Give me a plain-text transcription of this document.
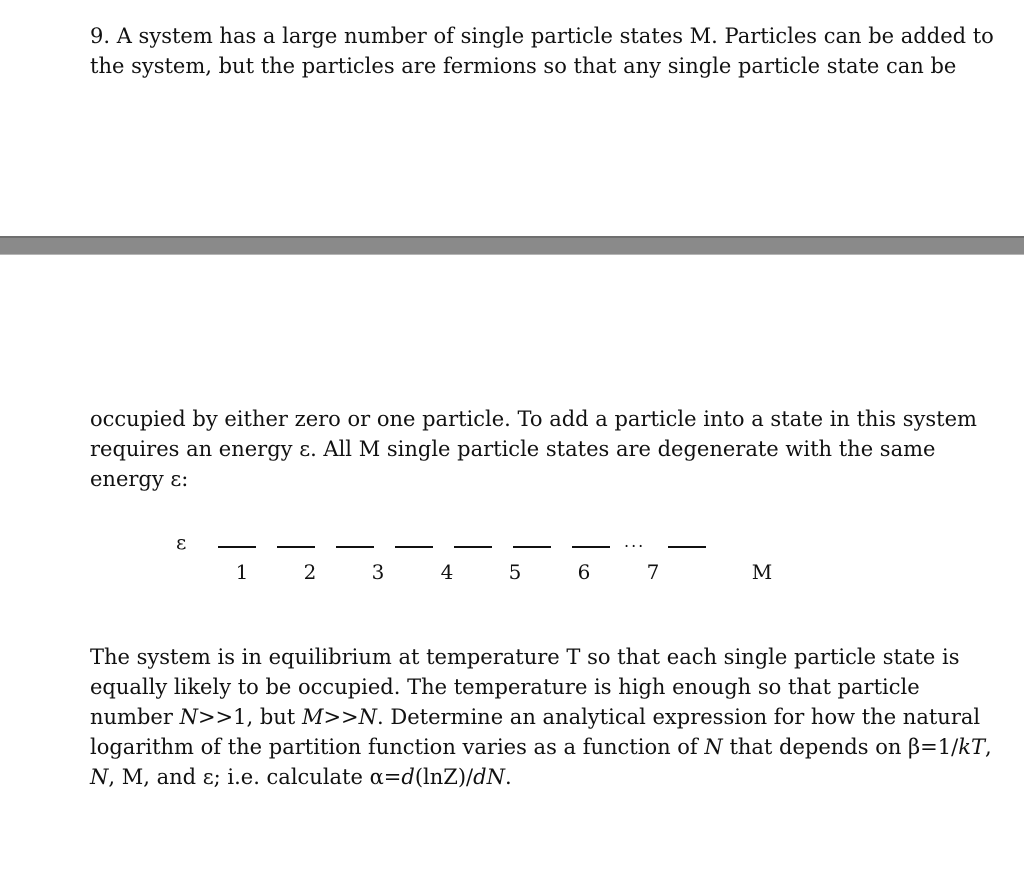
9. A system has a large number of single particle states M. Particles can be added to
the system, but the particles are fermions so that any single particle state can be
occupied by either zero or one particle. To add a particle into a state in this system
requires an energy ε. All M single particle states are degenerate with the same
energy ε:
ε	...
1	2	3	4	5	6	7	M
The system is in equilibrium at temperature T so that each single particle state is
equally likely to be occupied. The temperature is high enough so that particle
number N>>1, but M>>N. Determine an analytical expression for how the natural
logarithm of the partition function varies as a function of N that depends on β=1/kT,
N, M, and ε; i.e. calculate α=d(lnZ)/dN.
